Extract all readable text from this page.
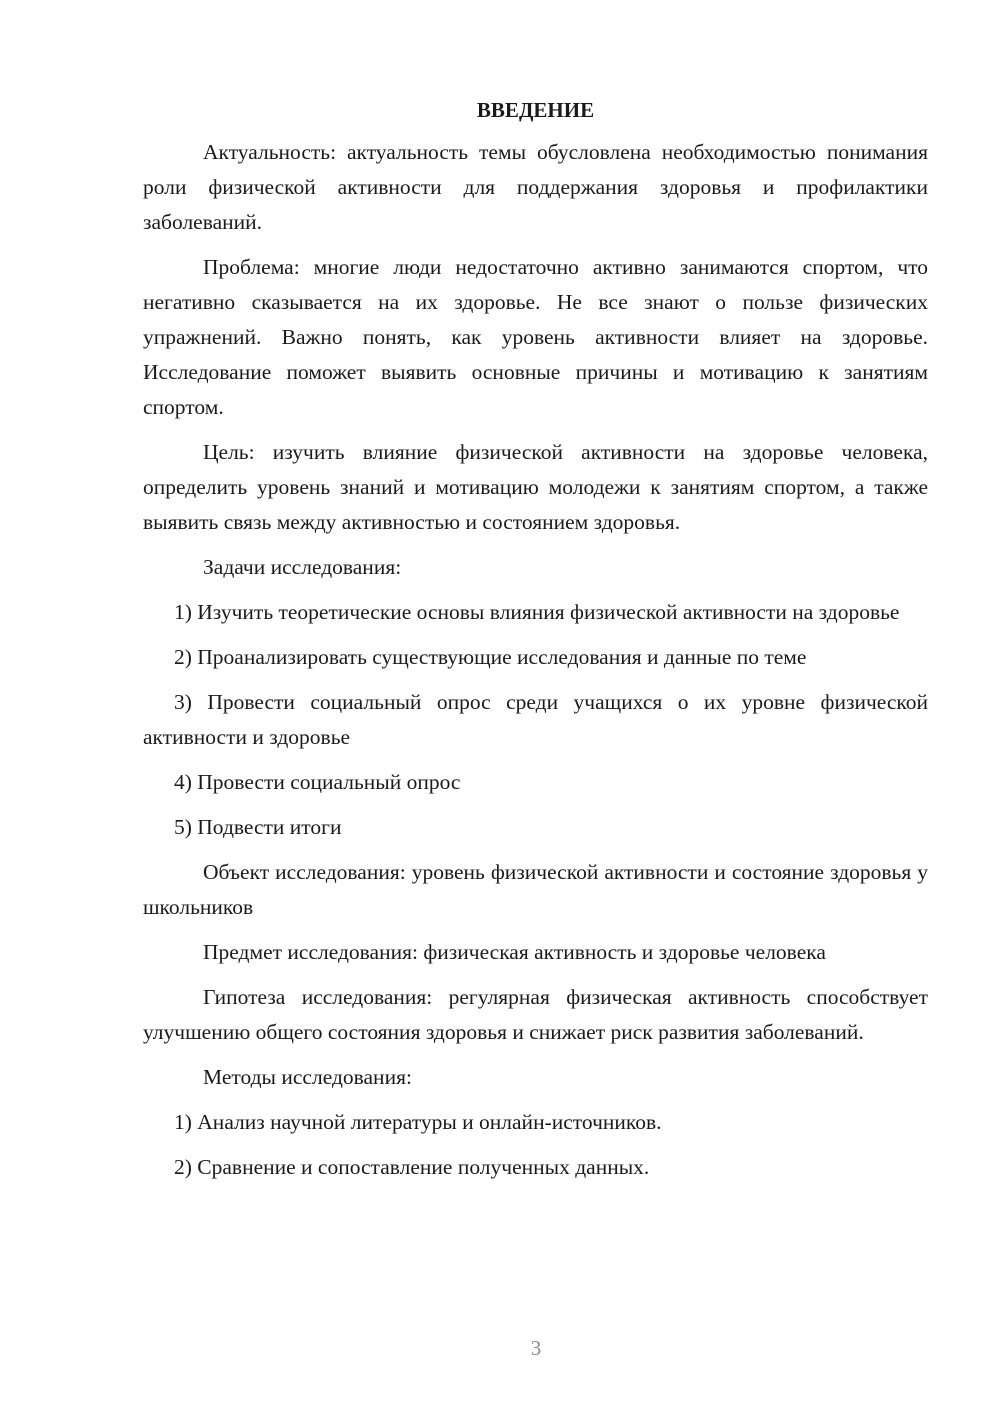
ВВЕДЕНИЕ

Актуальность: актуальность темы обусловлена необходимостью понимания роли физической активности для поддержания здоровья и профилактики заболеваний.

Проблема: многие люди недостаточно активно занимаются спортом, что негативно сказывается на их здоровье. Не все знают о пользе физических упражнений. Важно понять, как уровень активности влияет на здоровье. Исследование поможет выявить основные причины и мотивацию к занятиям спортом.

Цель: изучить влияние физической активности на здоровье человека, определить уровень знаний и мотивацию молодежи к занятиям спортом, а также выявить связь между активностью и состоянием здоровья.

Задачи исследования:

1) Изучить теоретические основы влияния физической активности на здоровье

2) Проанализировать существующие исследования и данные по теме

3) Провести социальный опрос среди учащихся о их уровне физической активности и здоровье

4) Провести социальный опрос

5) Подвести итоги

Объект исследования: уровень физической активности и состояние здоровья у школьников

Предмет исследования: физическая активность и здоровье человека

Гипотеза исследования: регулярная физическая активность способствует улучшению общего состояния здоровья и снижает риск развития заболеваний.

Методы исследования:

1) Анализ научной литературы и онлайн-источников.

2) Сравнение и сопоставление полученных данных.

3
